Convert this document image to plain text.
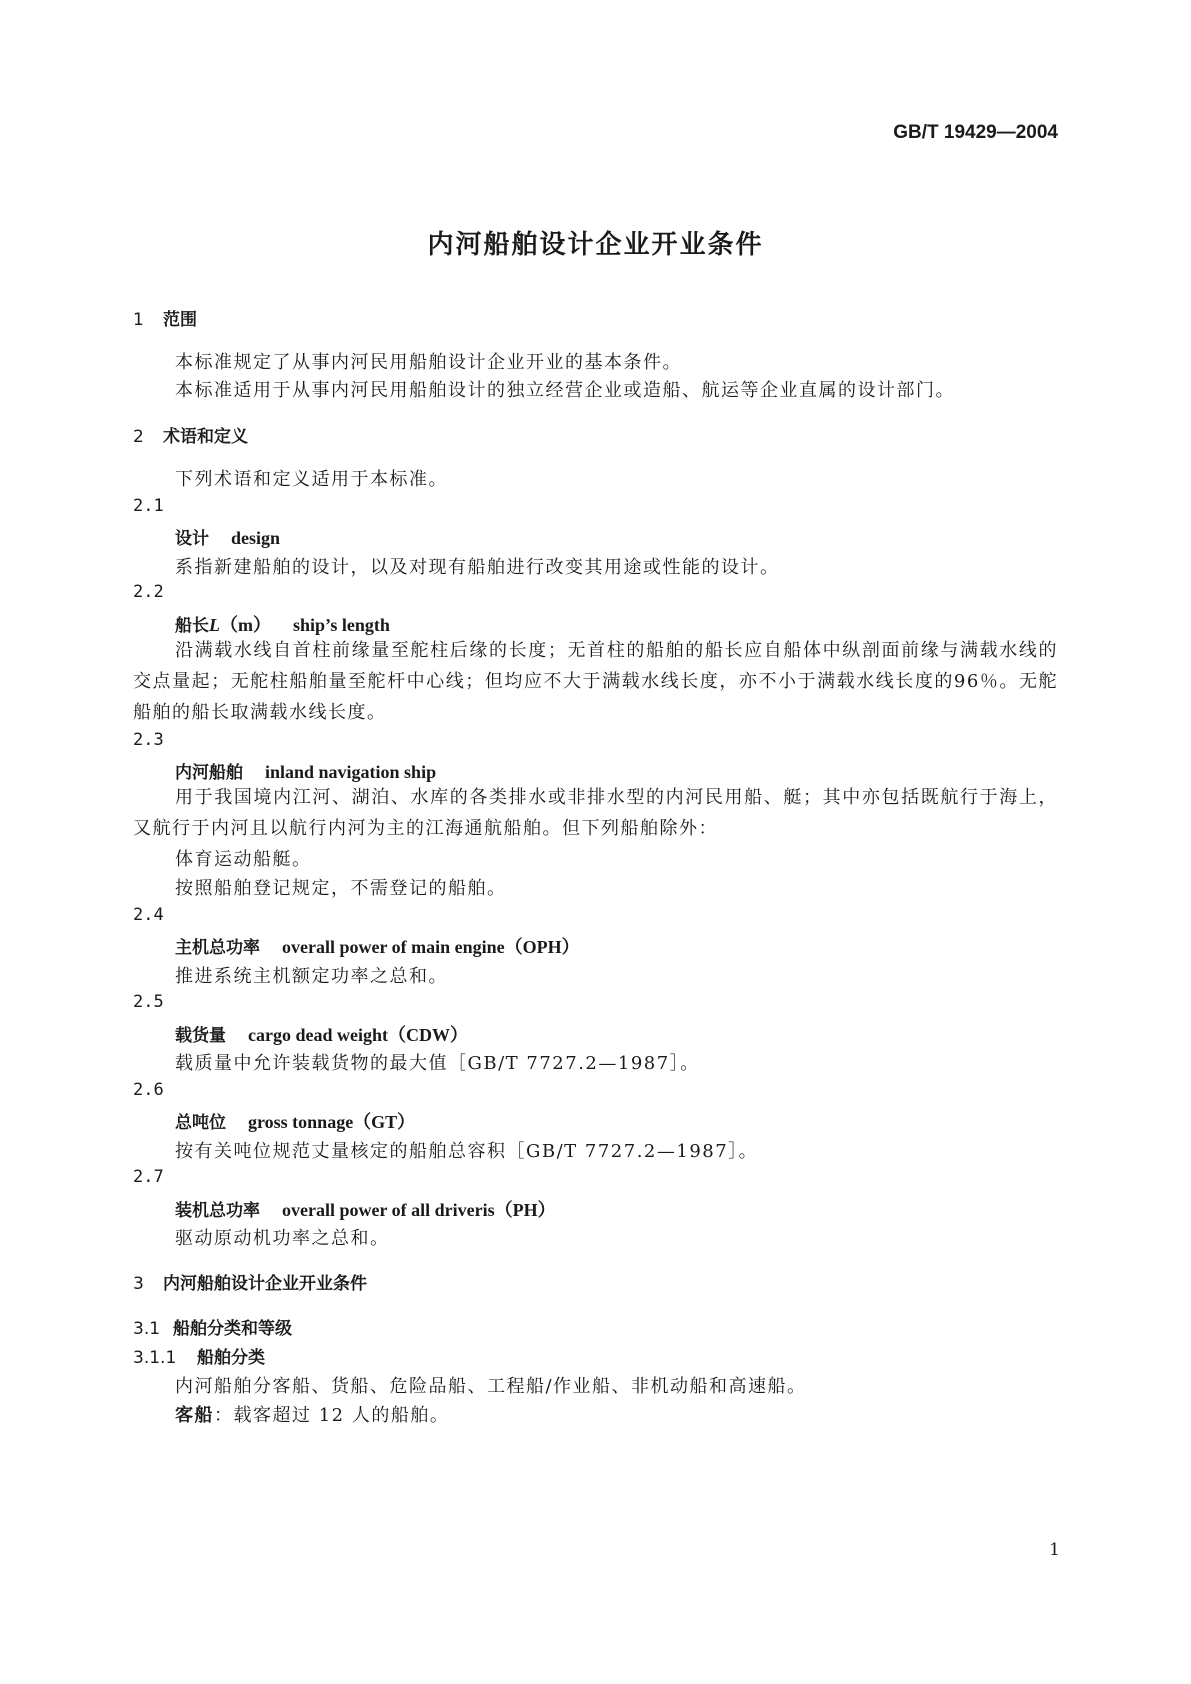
GB/T 19429—2004
内河船舶设计企业开业条件
1 范围
本标准规定了从事内河民用船舶设计企业开业的基本条件。
本标准适用于从事内河民用船舶设计的独立经营企业或造船、航运等企业直属的设计部门。
2 术语和定义
下列术语和定义适用于本标准。
2.1
设计 design
系指新建船舶的设计，以及对现有船舶进行改变其用途或性能的设计。
2.2
船长L（m） ship’s length
沿满载水线自首柱前缘量至舵柱后缘的长度；无首柱的船舶的船长应自船体中纵剖面前缘与满载水线的交点量起；无舵柱船舶量至舵杆中心线；但均应不大于满载水线长度，亦不小于满载水线长度的96％。无舵船舶的船长取满载水线长度。
2.3
内河船舶 inland navigation ship
用于我国境内江河、湖泊、水库的各类排水或非排水型的内河民用船、艇；其中亦包括既航行于海上，又航行于内河且以航行内河为主的江海通航船舶。但下列船舶除外：
体育运动船艇。
按照船舶登记规定，不需登记的船舶。
2.4
主机总功率 overall power of main engine（OPH）
推进系统主机额定功率之总和。
2.5
载货量 cargo dead weight（CDW）
载质量中允许装载货物的最大值［GB/T 7727.2—1987］。
2.6
总吨位 gross tonnage（GT）
按有关吨位规范丈量核定的船舶总容积［GB/T 7727.2—1987］。
2.7
装机总功率 overall power of all driveris（PH）
驱动原动机功率之总和。
3 内河船舶设计企业开业条件
3.1 船舶分类和等级
3.1.1 船舶分类
内河船舶分客船、货船、危险品船、工程船/作业船、非机动船和高速船。
客船：载客超过 12 人的船舶。
1
